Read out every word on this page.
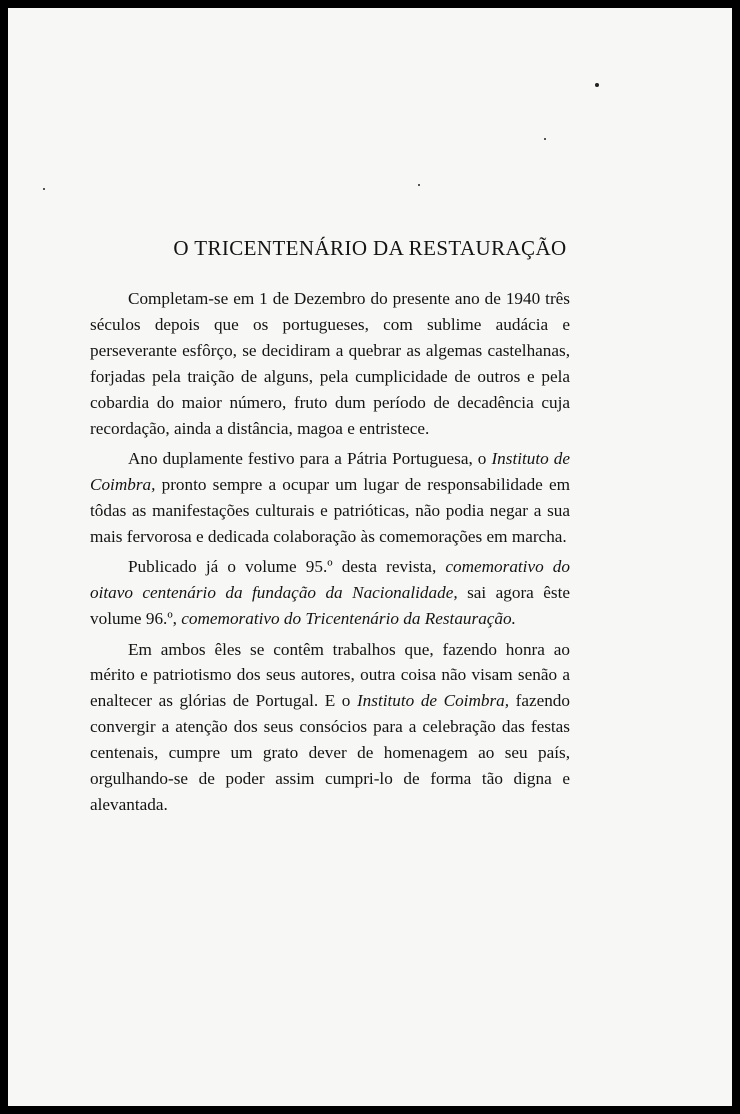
O TRICENTENÁRIO DA RESTAURAÇÃO

Completam-se em 1 de Dezembro do presente ano de 1940 três séculos depois que os portugueses, com sublime audácia e perseverante esfôrço, se decidiram a quebrar as algemas castelhanas, forjadas pela traição de alguns, pela cumplicidade de outros e pela cobardia do maior número, fruto dum período de decadência cuja recordação, ainda a distância, magoa e entristece.

Ano duplamente festivo para a Pátria Portuguesa, o Instituto de Coimbra, pronto sempre a ocupar um lugar de responsabilidade em tôdas as manifestações culturais e patrióticas, não podia negar a sua mais fervorosa e dedicada colaboração às comemorações em marcha.

Publicado já o volume 95.º desta revista, comemorativo do oitavo centenário da fundação da Nacionalidade, sai agora êste volume 96.º, comemorativo do Tricentenário da Restauração.

Em ambos êles se contêm trabalhos que, fazendo honra ao mérito e patriotismo dos seus autores, outra coisa não visam senão a enaltecer as glórias de Portugal. E o Instituto de Coimbra, fazendo convergir a atenção dos seus consócios para a celebração das festas centenais, cumpre um grato dever de homenagem ao seu país, orgulhando-se de poder assim cumpri-lo de forma tão digna e alevantada.
